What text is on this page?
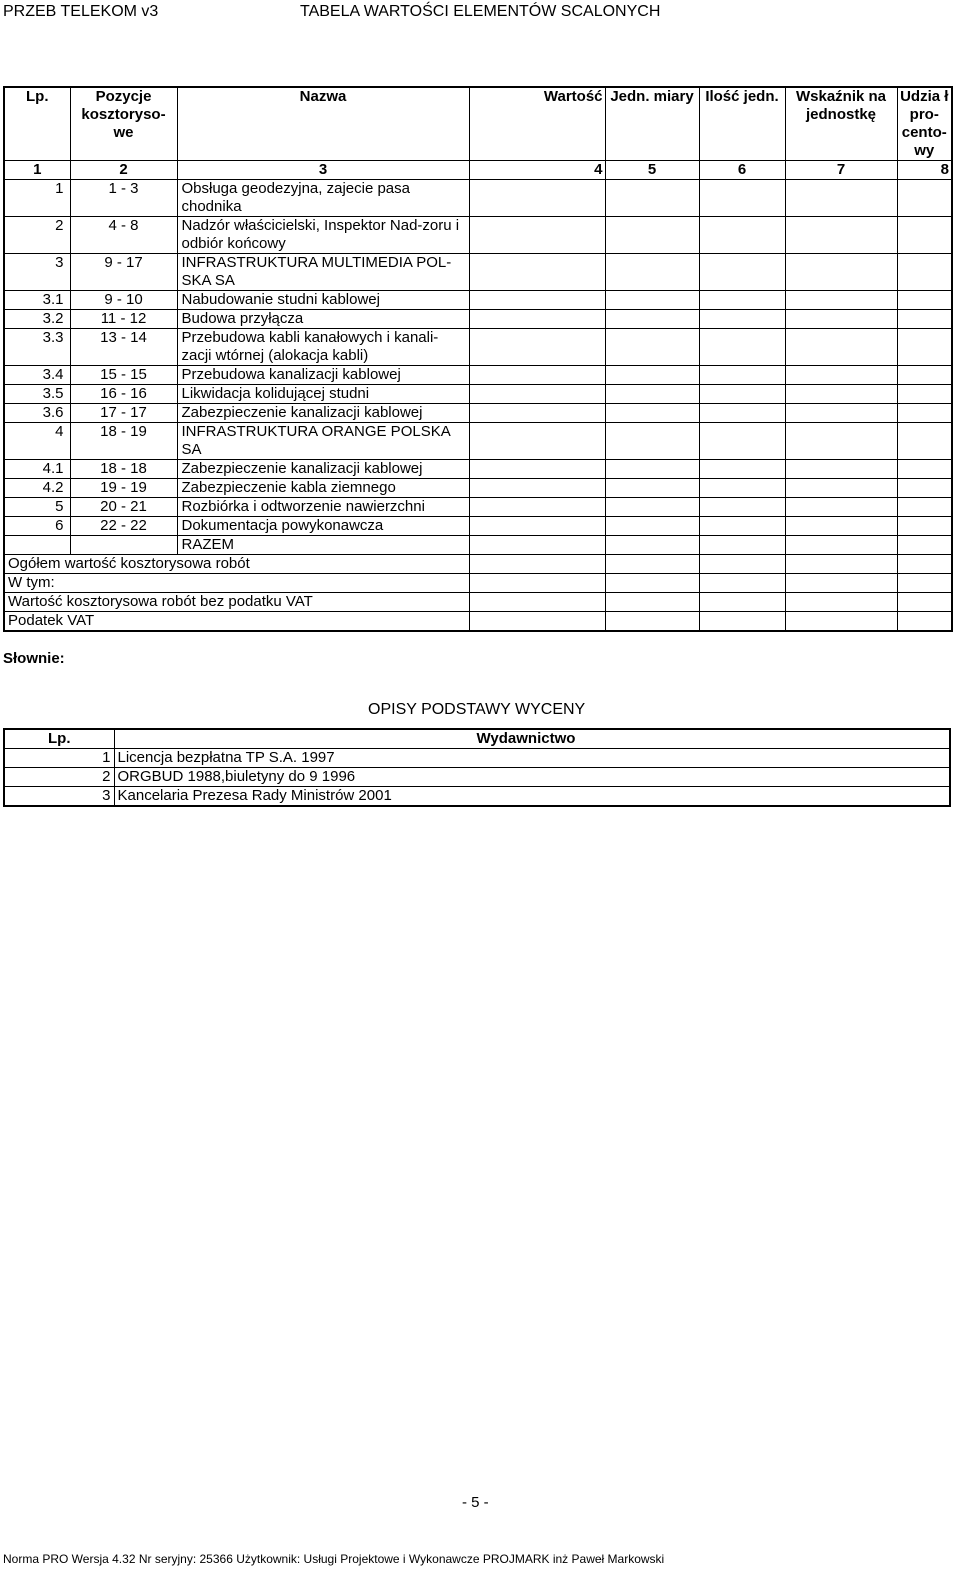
PRZEB TELEKOM v3	TABELA WARTOŚCI ELEMENTÓW SCALONYCH
Lp.	Pozycje kosztoryso-we	Nazwa	Wartość	Jedn. miary	Ilość jedn.	Wskaźnik na jednostkę	Udzia ł pro-cento-wy
1	2	3	4	5	6	7	8
1	1 - 3	Obsługa geodezyjna, zajecie pasa chodnika					
2	4 - 8	Nadzór właścicielski, Inspektor Nad-zoru i odbiór końcowy					
3	9 - 17	INFRASTRUKTURA MULTIMEDIA POL-SKA SA					
3.1	9 - 10	Nabudowanie studni kablowej					
3.2	11 - 12	Budowa przyłącza					
3.3	13 - 14	Przebudowa kabli kanałowych i kanali-zacji wtórnej (alokacja kabli)					
3.4	15 - 15	Przebudowa kanalizacji kablowej					
3.5	16 - 16	Likwidacja kolidującej studni					
3.6	17 - 17	Zabezpieczenie kanalizacji kablowej					
4	18 - 19	INFRASTRUKTURA ORANGE POLSKA SA					
4.1	18 - 18	Zabezpieczenie kanalizacji kablowej					
4.2	19 - 19	Zabezpieczenie kabla ziemnego					
5	20 - 21	Rozbiórka i odtworzenie nawierzchni					
6	22 - 22	Dokumentacja powykonawcza					
		RAZEM					
Ogółem wartość kosztorysowa robót							
W tym:							
Wartość kosztorysowa robót bez podatku VAT							
Podatek VAT							
Słownie:
OPISY PODSTAWY WYCENY
Lp.	Wydawnictwo
1	Licencja bezpłatna TP S.A. 1997
2	ORGBUD 1988,biuletyny do 9 1996
3	Kancelaria Prezesa Rady Ministrów 2001
- 5 -
Norma PRO Wersja 4.32 Nr seryjny: 25366 Użytkownik: Usługi Projektowe i Wykonawcze PROJMARK inż Paweł Markowski
